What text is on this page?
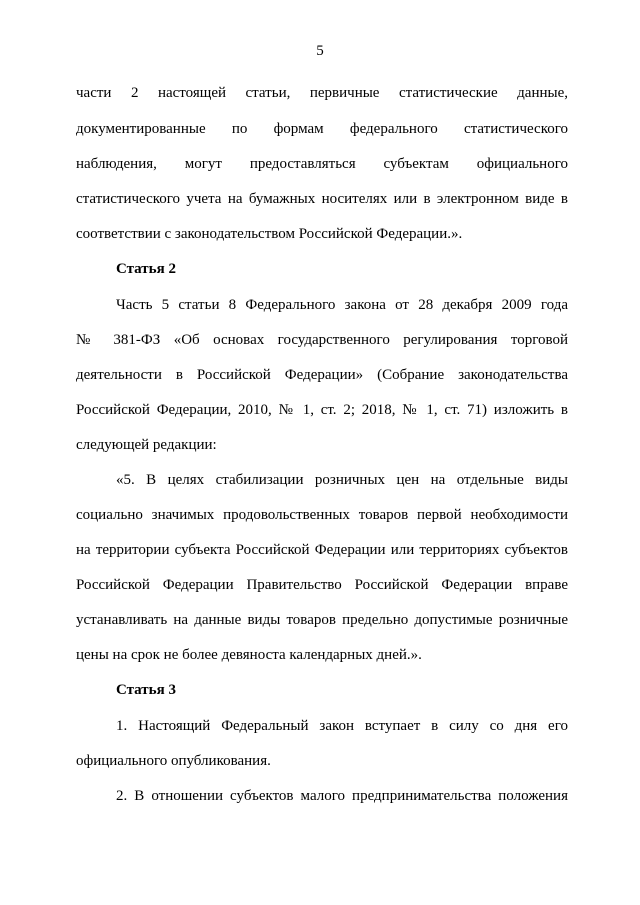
5
части 2 настоящей статьи, первичные статистические данные,
документированные по формам федерального статистического
наблюдения, могут предоставляться субъектам официального
статистического учета на бумажных носителях или в электронном виде в
соответствии с законодательством Российской Федерации.».
Статья 2
Часть 5 статьи 8 Федерального закона от 28 декабря 2009 года
№ 381-ФЗ «Об основах государственного регулирования торговой
деятельности в Российской Федерации» (Собрание законодательства
Российской Федерации, 2010, № 1, ст. 2; 2018, № 1, ст. 71) изложить в
следующей редакции:
«5. В целях стабилизации розничных цен на отдельные виды
социально значимых продовольственных товаров первой необходимости
на территории субъекта Российской Федерации или территориях субъектов
Российской Федерации Правительство Российской Федерации вправе
устанавливать на данные виды товаров предельно допустимые розничные
цены на срок не более девяноста календарных дней.».
Статья 3
1. Настоящий Федеральный закон вступает в силу со дня его
официального опубликования.
2. В отношении субъектов малого предпринимательства положения
